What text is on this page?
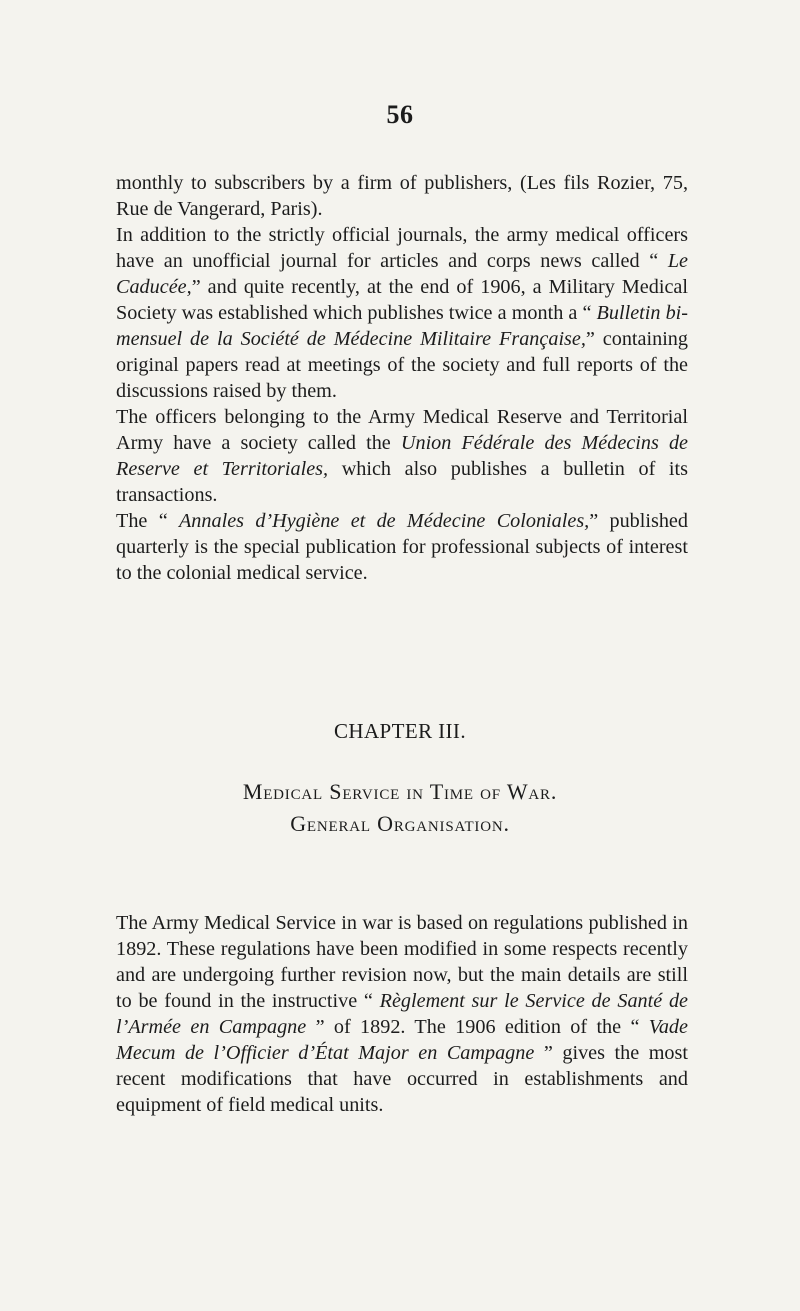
56

monthly to subscribers by a firm of publishers, (Les fils Rozier, 75, Rue de Vangerard, Paris).

In addition to the strictly official journals, the army medical officers have an unofficial journal for articles and corps news called “ Le Caducée,” and quite recently, at the end of 1906, a Military Medical Society was established which publishes twice a month a “ Bulletin bi-mensuel de la Société de Médecine Militaire Française,” containing original papers read at meetings of the society and full reports of the discussions raised by them.

The officers belonging to the Army Medical Reserve and Territorial Army have a society called the Union Fédérale des Médecins de Reserve et Territoriales, which also publishes a bulletin of its transactions.

The “ Annales d’Hygiène et de Médecine Coloniales,” published quarterly is the special publication for professional subjects of interest to the colonial medical service.

CHAPTER III.
Medical Service in Time of War.
General Organisation.

The Army Medical Service in war is based on regulations published in 1892. These regulations have been modified in some respects recently and are undergoing further revision now, but the main details are still to be found in the instructive “ Règlement sur le Service de Santé de l’Armée en Campagne ” of 1892. The 1906 edition of the “ Vade Mecum de l’Officier d’État Major en Campagne ” gives the most recent modifications that have occurred in establishments and equipment of field medical units.
